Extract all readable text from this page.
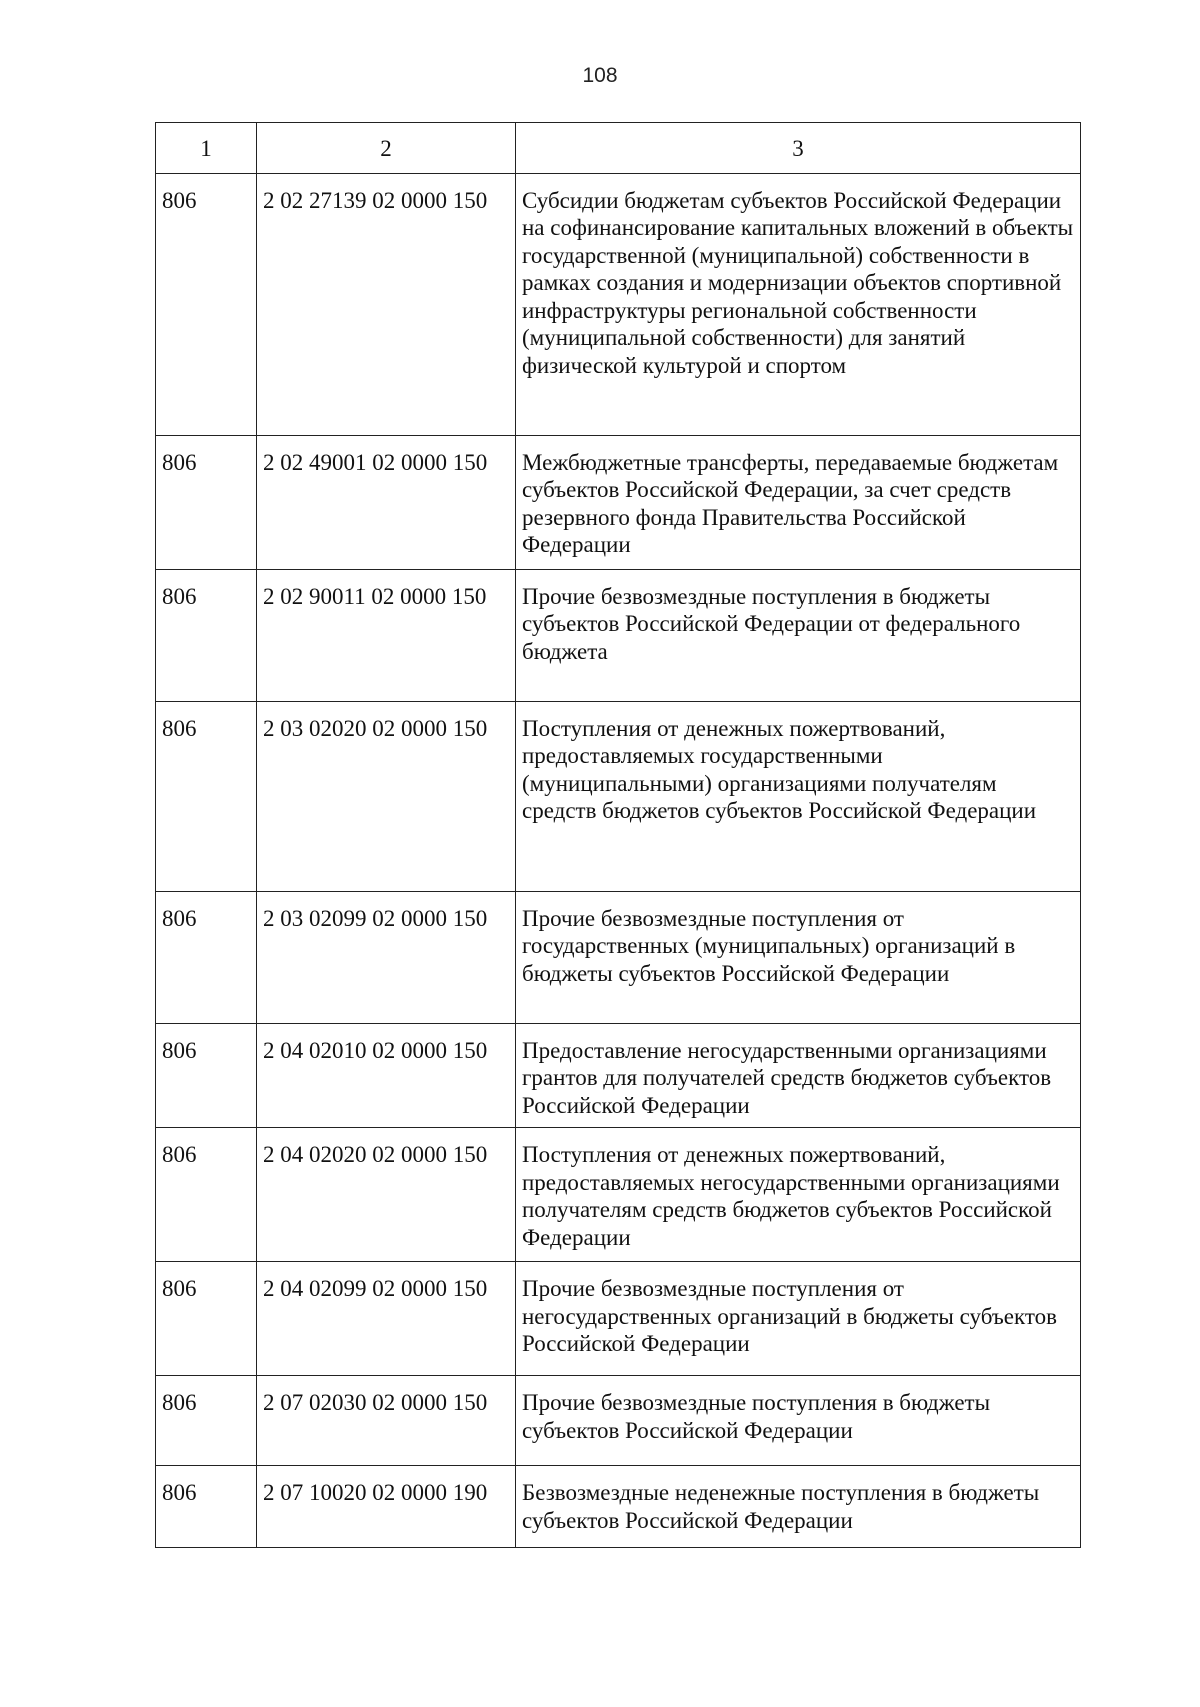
108
1	2	3
806	2 02 27139 02 0000 150	Субсидии бюджетам субъектов Российской Федерации на софинансирование капитальных вложений в объекты государственной (муниципальной) собственности в рамках создания и модернизации объектов спортивной инфраструктуры региональной собственности (муниципальной собственности) для занятий физической культурой и спортом
806	2 02 49001 02 0000 150	Межбюджетные трансферты, передаваемые бюджетам субъектов Российской Федерации, за счет средств резервного фонда Правительства Российской Федерации
806	2 02 90011 02 0000 150	Прочие безвозмездные поступления в бюджеты субъектов Российской Федерации от федерального бюджета
806	2 03 02020 02 0000 150	Поступления от денежных пожертвований, предоставляемых государственными (муниципальными) организациями получателям средств бюджетов субъектов Российской Федерации
806	2 03 02099 02 0000 150	Прочие безвозмездные поступления от государственных (муниципальных) организаций в бюджеты субъектов Российской Федерации
806	2 04 02010 02 0000 150	Предоставление негосударственными организациями грантов для получателей средств бюджетов субъектов Российской Федерации
806	2 04 02020 02 0000 150	Поступления от денежных пожертвований, предоставляемых негосударственными организациями получателям средств бюджетов субъектов Российской Федерации
806	2 04 02099 02 0000 150	Прочие безвозмездные поступления от негосударственных организаций в бюджеты субъектов Российской Федерации
806	2 07 02030 02 0000 150	Прочие безвозмездные поступления в бюджеты субъектов Российской Федерации
806	2 07 10020 02 0000 190	Безвозмездные неденежные поступления в бюджеты субъектов Российской Федерации
